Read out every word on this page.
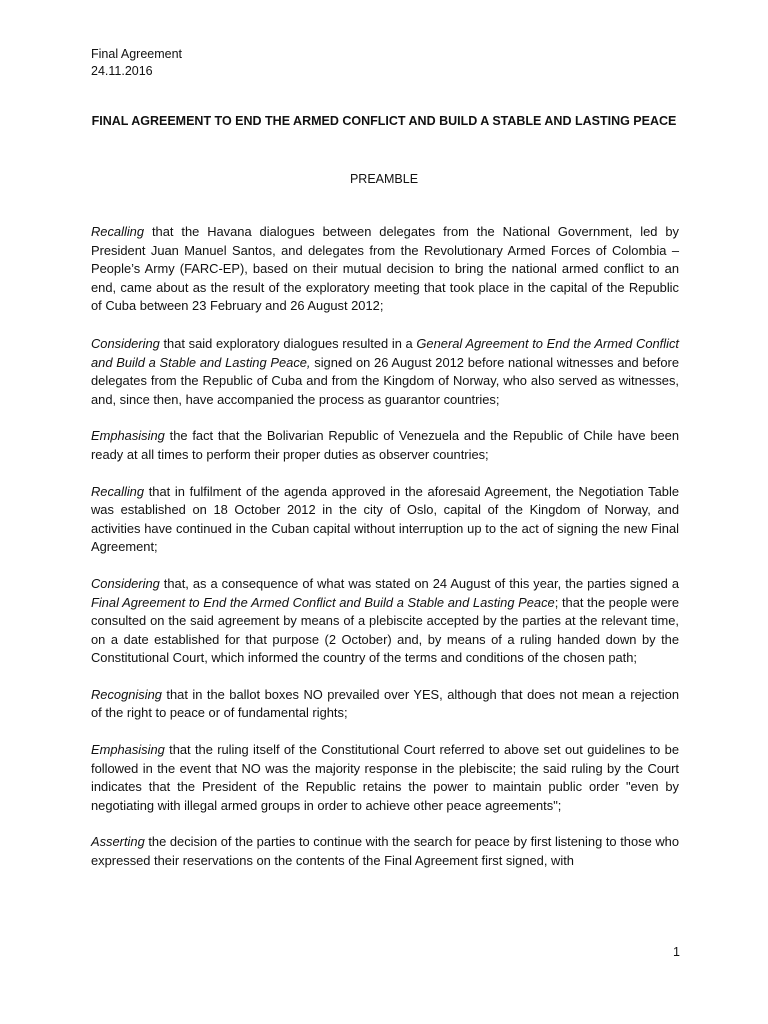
Final Agreement
24.11.2016
FINAL AGREEMENT TO END THE ARMED CONFLICT AND BUILD A STABLE AND LASTING PEACE
PREAMBLE

Recalling that the Havana dialogues between delegates from the National Government, led by President Juan Manuel Santos, and delegates from the Revolutionary Armed Forces of Colombia – People’s Army (FARC-EP), based on their mutual decision to bring the national armed conflict to an end, came about as the result of the exploratory meeting that took place in the capital of the Republic of Cuba between 23 February and 26 August 2012;

Considering that said exploratory dialogues resulted in a General Agreement to End the Armed Conflict and Build a Stable and Lasting Peace, signed on 26 August 2012 before national witnesses and before delegates from the Republic of Cuba and from the Kingdom of Norway, who also served as witnesses, and, since then, have accompanied the process as guarantor countries;

Emphasising the fact that the Bolivarian Republic of Venezuela and the Republic of Chile have been ready at all times to perform their proper duties as observer countries;

Recalling that in fulfilment of the agenda approved in the aforesaid Agreement, the Negotiation Table was established on 18 October 2012 in the city of Oslo, capital of the Kingdom of Norway, and activities have continued in the Cuban capital without interruption up to the act of signing the new Final Agreement;

Considering that, as a consequence of what was stated on 24 August of this year, the parties signed a Final Agreement to End the Armed Conflict and Build a Stable and Lasting Peace; that the people were consulted on the said agreement by means of a plebiscite accepted by the parties at the relevant time, on a date established for that purpose (2 October) and, by means of a ruling handed down by the Constitutional Court, which informed the country of the terms and conditions of the chosen path;

Recognising that in the ballot boxes NO prevailed over YES, although that does not mean a rejection of the right to peace or of fundamental rights;

Emphasising that the ruling itself of the Constitutional Court referred to above set out guidelines to be followed in the event that NO was the majority response in the plebiscite; the said ruling by the Court indicates that the President of the Republic retains the power to maintain public order "even by negotiating with illegal armed groups in order to achieve other peace agreements";

Asserting the decision of the parties to continue with the search for peace by first listening to those who expressed their reservations on the contents of the Final Agreement first signed, with

1
